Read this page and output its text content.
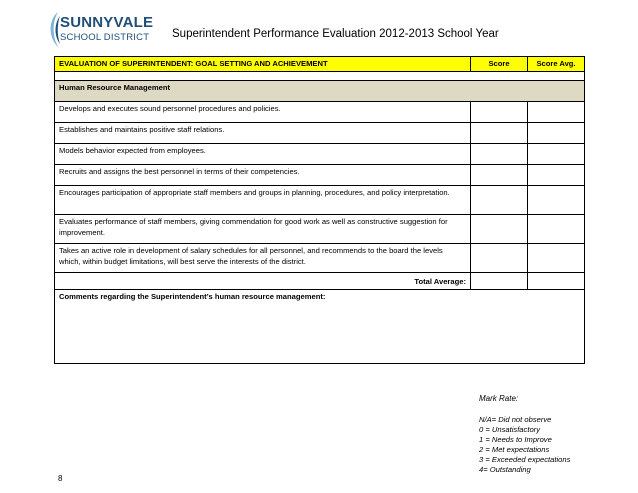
SUNNYVALE
SCHOOL DISTRICT Superintendent Performance Evaluation 2012-2013 School Year
EVALUATION OF SUPERINTENDENT: GOAL SETTING AND ACHIEVEMENT	Score	Score Avg.

Human Resource Management		
Develops and executes sound personnel procedures and policies.		
Establishes and maintains positive staff relations.		
Models behavior expected from employees.		
Recruits and assigns the best personnel in terms of their competencies.		
Encourages participation of appropriate staff members and groups in planning, procedures, and policy interpretation.		
Evaluates performance of staff members, giving commendation for good work as well as constructive suggestion for improvement.		
Takes an active role in development of salary schedules for all personnel, and recommends to the board the levels which, within budget limitations, will best serve the interests of the district.		
Total Average:		
Comments regarding the Superintendent’s human resource management:		
Mark Rate:
N/A= Did not observe
0 = Unsatisfactory
1 = Needs to Improve
2 = Met expectations
3 = Exceeded expectations
4= Outstanding
8
